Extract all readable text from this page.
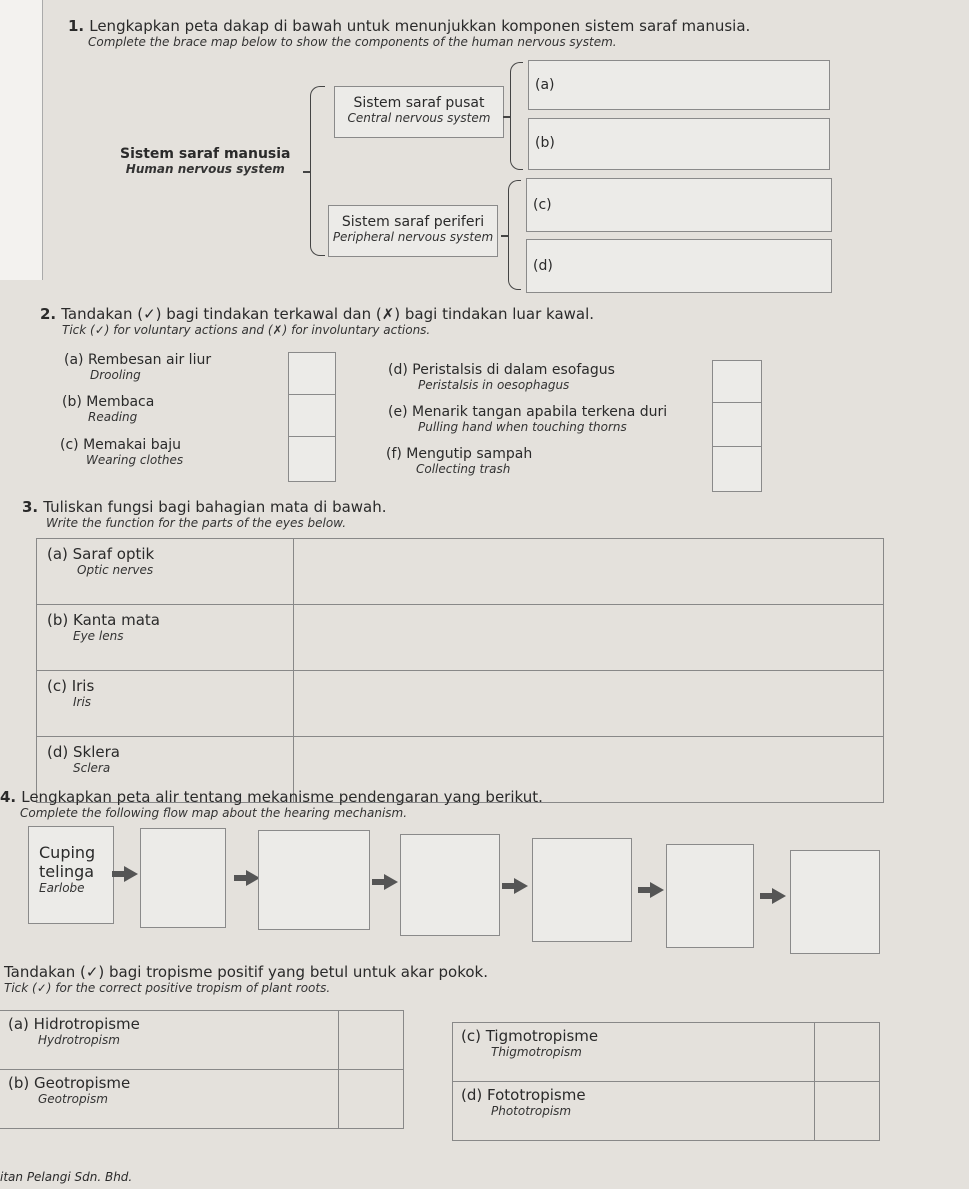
1. Lengkapkan peta dakap di bawah untuk menunjukkan komponen sistem saraf manusia.
Complete the brace map below to show the components of the human nervous system.
Sistem saraf manusia
Human nervous system
Sistem saraf pusat
Central nervous system
Sistem saraf periferi
Peripheral nervous system
(a)
(b)
(c)
(d)
2. Tandakan (✓) bagi tindakan terkawal dan (✗) bagi tindakan luar kawal.
Tick (✓) for voluntary actions and (✗) for involuntary actions.
(a) Rembesan air liur
Drooling
(b) Membaca
Reading
(c) Memakai baju
Wearing clothes
(d) Peristalsis di dalam esofagus
Peristalsis in oesophagus
(e) Menarik tangan apabila terkena duri
Pulling hand when touching thorns
(f) Mengutip sampah
Collecting trash
3. Tuliskan fungsi bagi bahagian mata di bawah.
Write the function for the parts of the eyes below.
(a) Saraf optik
Optic nerves	

(b) Kanta mata
Eye lens	

(c) Iris
Iris	

(d) Sklera
Sclera	

4. Lengkapkan peta alir tentang mekanisme pendengaran yang berikut.
Complete the following flow map about the hearing mechanism.
Cuping
telinga
Earlobe
Tandakan (✓) bagi tropisme positif yang betul untuk akar pokok.
Tick (✓) for the correct positive tropism of plant roots.
(a) Hidrotropisme
Hydrotropism	

(b) Geotropisme
Geotropism	

(c) Tigmotropisme
Thigmotropism	

(d) Fototropisme
Phototropism	

itan Pelangi Sdn. Bhd.
